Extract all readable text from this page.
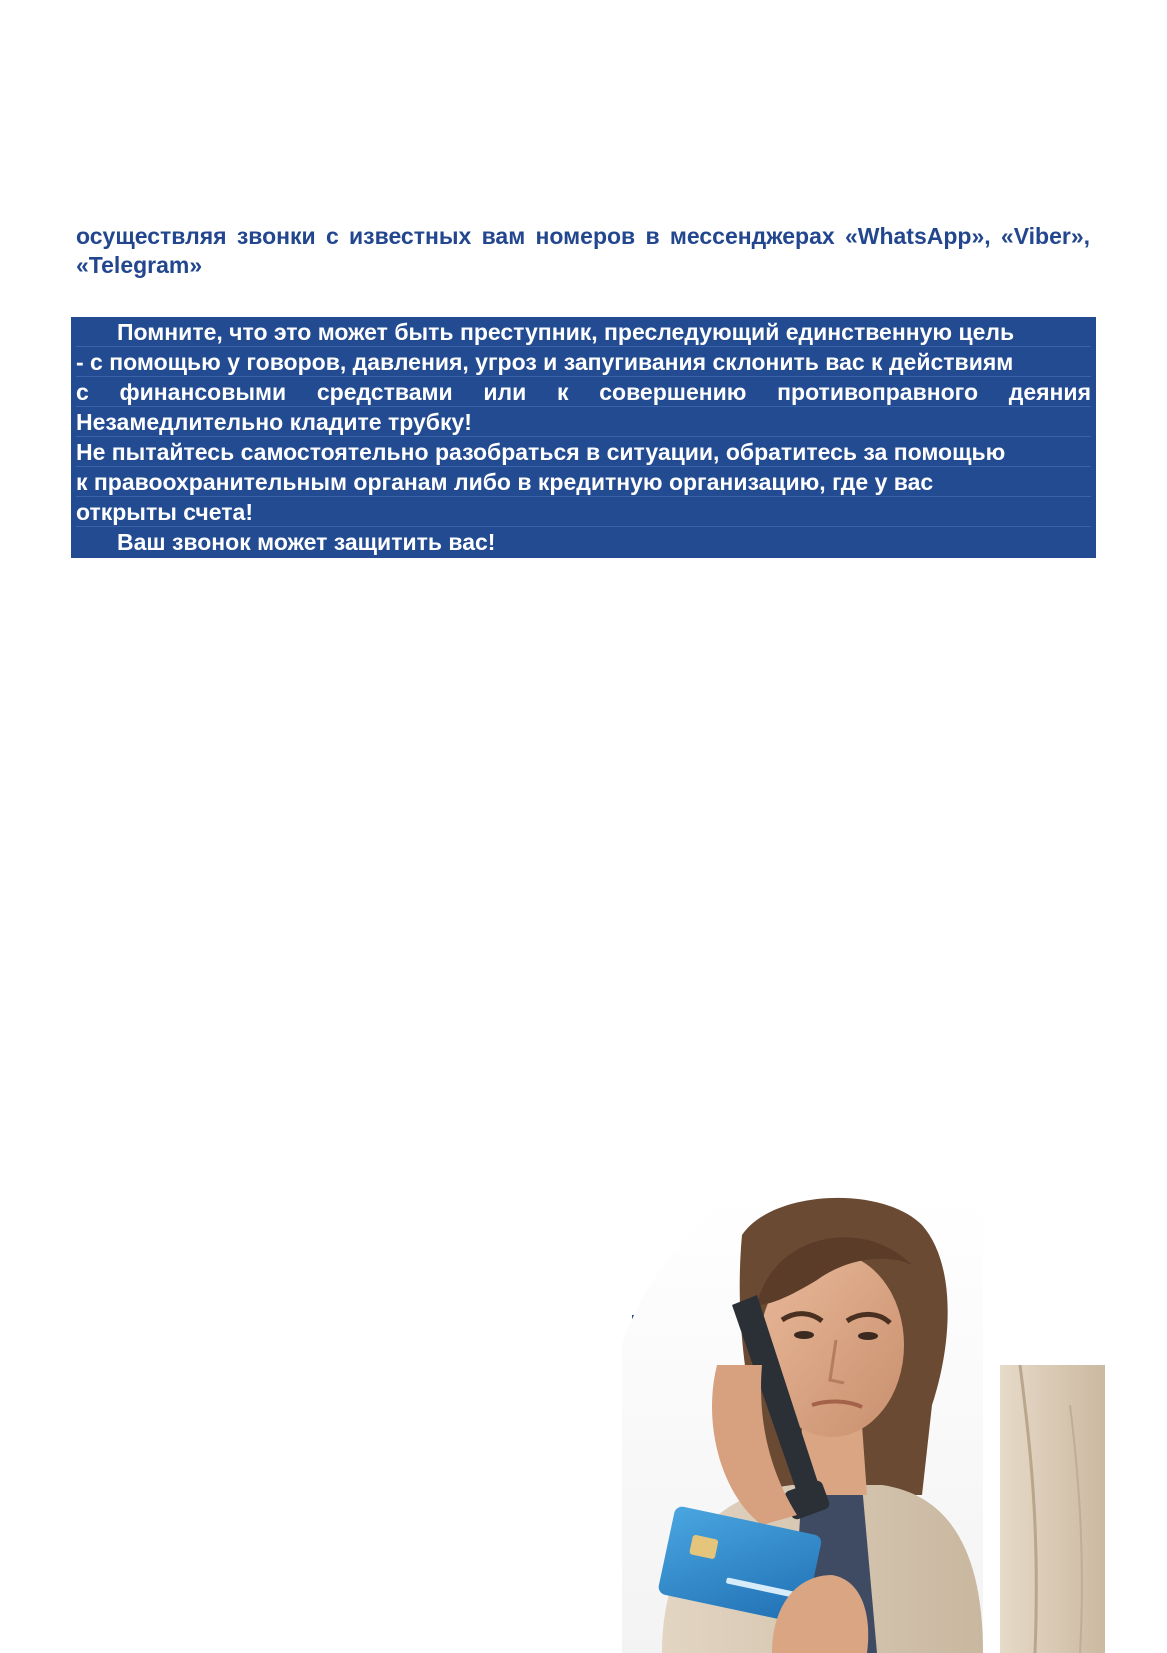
осуществляя звонки с известных вам номеров в мессенджерах «WhatsApp», «Viber», «Telegram»

Помните, что это может быть преступник, преследующий единственную цель
- с помощью у говоров, давления, угроз и запугивания склонить вас к действиям
с финансовыми средствами или к совершению противоправного деяния
Незамедлительно кладите трубку!
Не пытайтесь самостоятельно разобраться в ситуации, обратитесь за помощью
к правоохранительным органам либо в кредитную организацию, где у вас
открыты счета!
Ваш звонок может защитить вас!
